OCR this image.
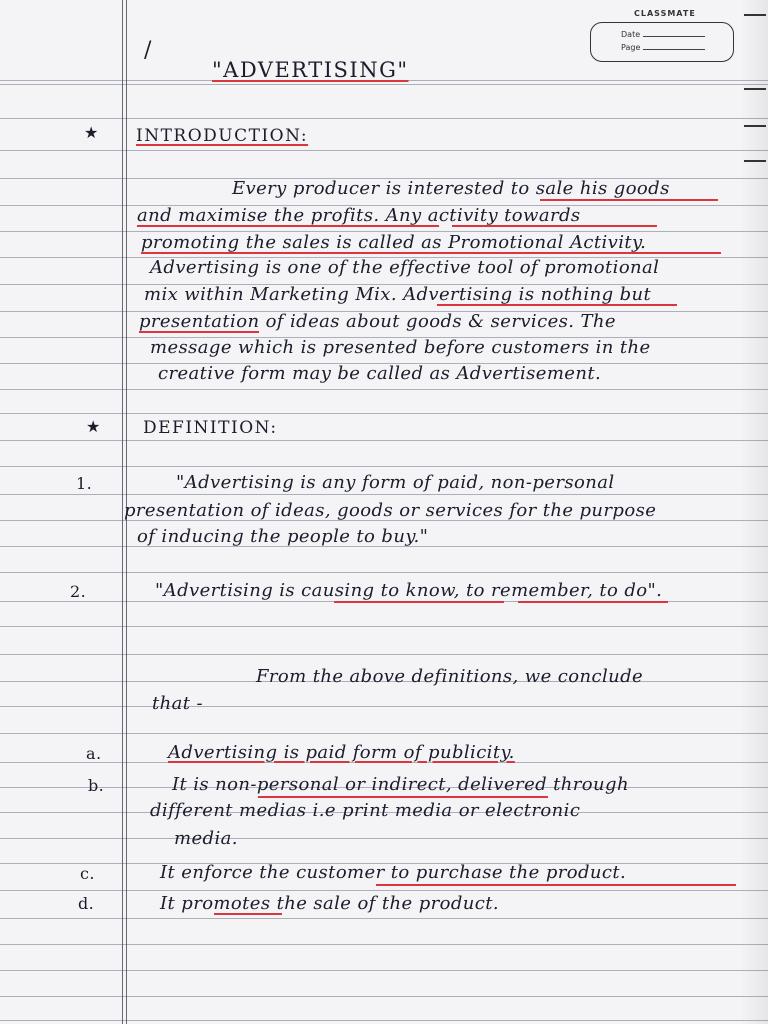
CLASSMATE
Date
Page
/
"ADVERTISING"
★ INTRODUCTION:
Every producer is interested to sale his goods
and maximise the profits. Any activity towards
promoting the sales is called as Promotional Activity.
Advertising is one of the effective tool of promotional
mix within Marketing Mix. Advertising is nothing but
presentation of ideas about goods & services. The
message which is presented before customers in the
creative form may be called as Advertisement.
★	DEFINITION:
1.	"Advertising is any form of paid, non-personal
presentation of ideas, goods or services for the purpose
of inducing the people to buy."
2.	"Advertising is causing to know, to remember, to do".
From the above definitions, we conclude
that -
a.	Advertising is paid form of publicity.
b.	It is non-personal or indirect, delivered through
different medias i.e print media or electronic
media.
c.	It enforce the customer to purchase the product.
d.	It promotes the sale of the product.
